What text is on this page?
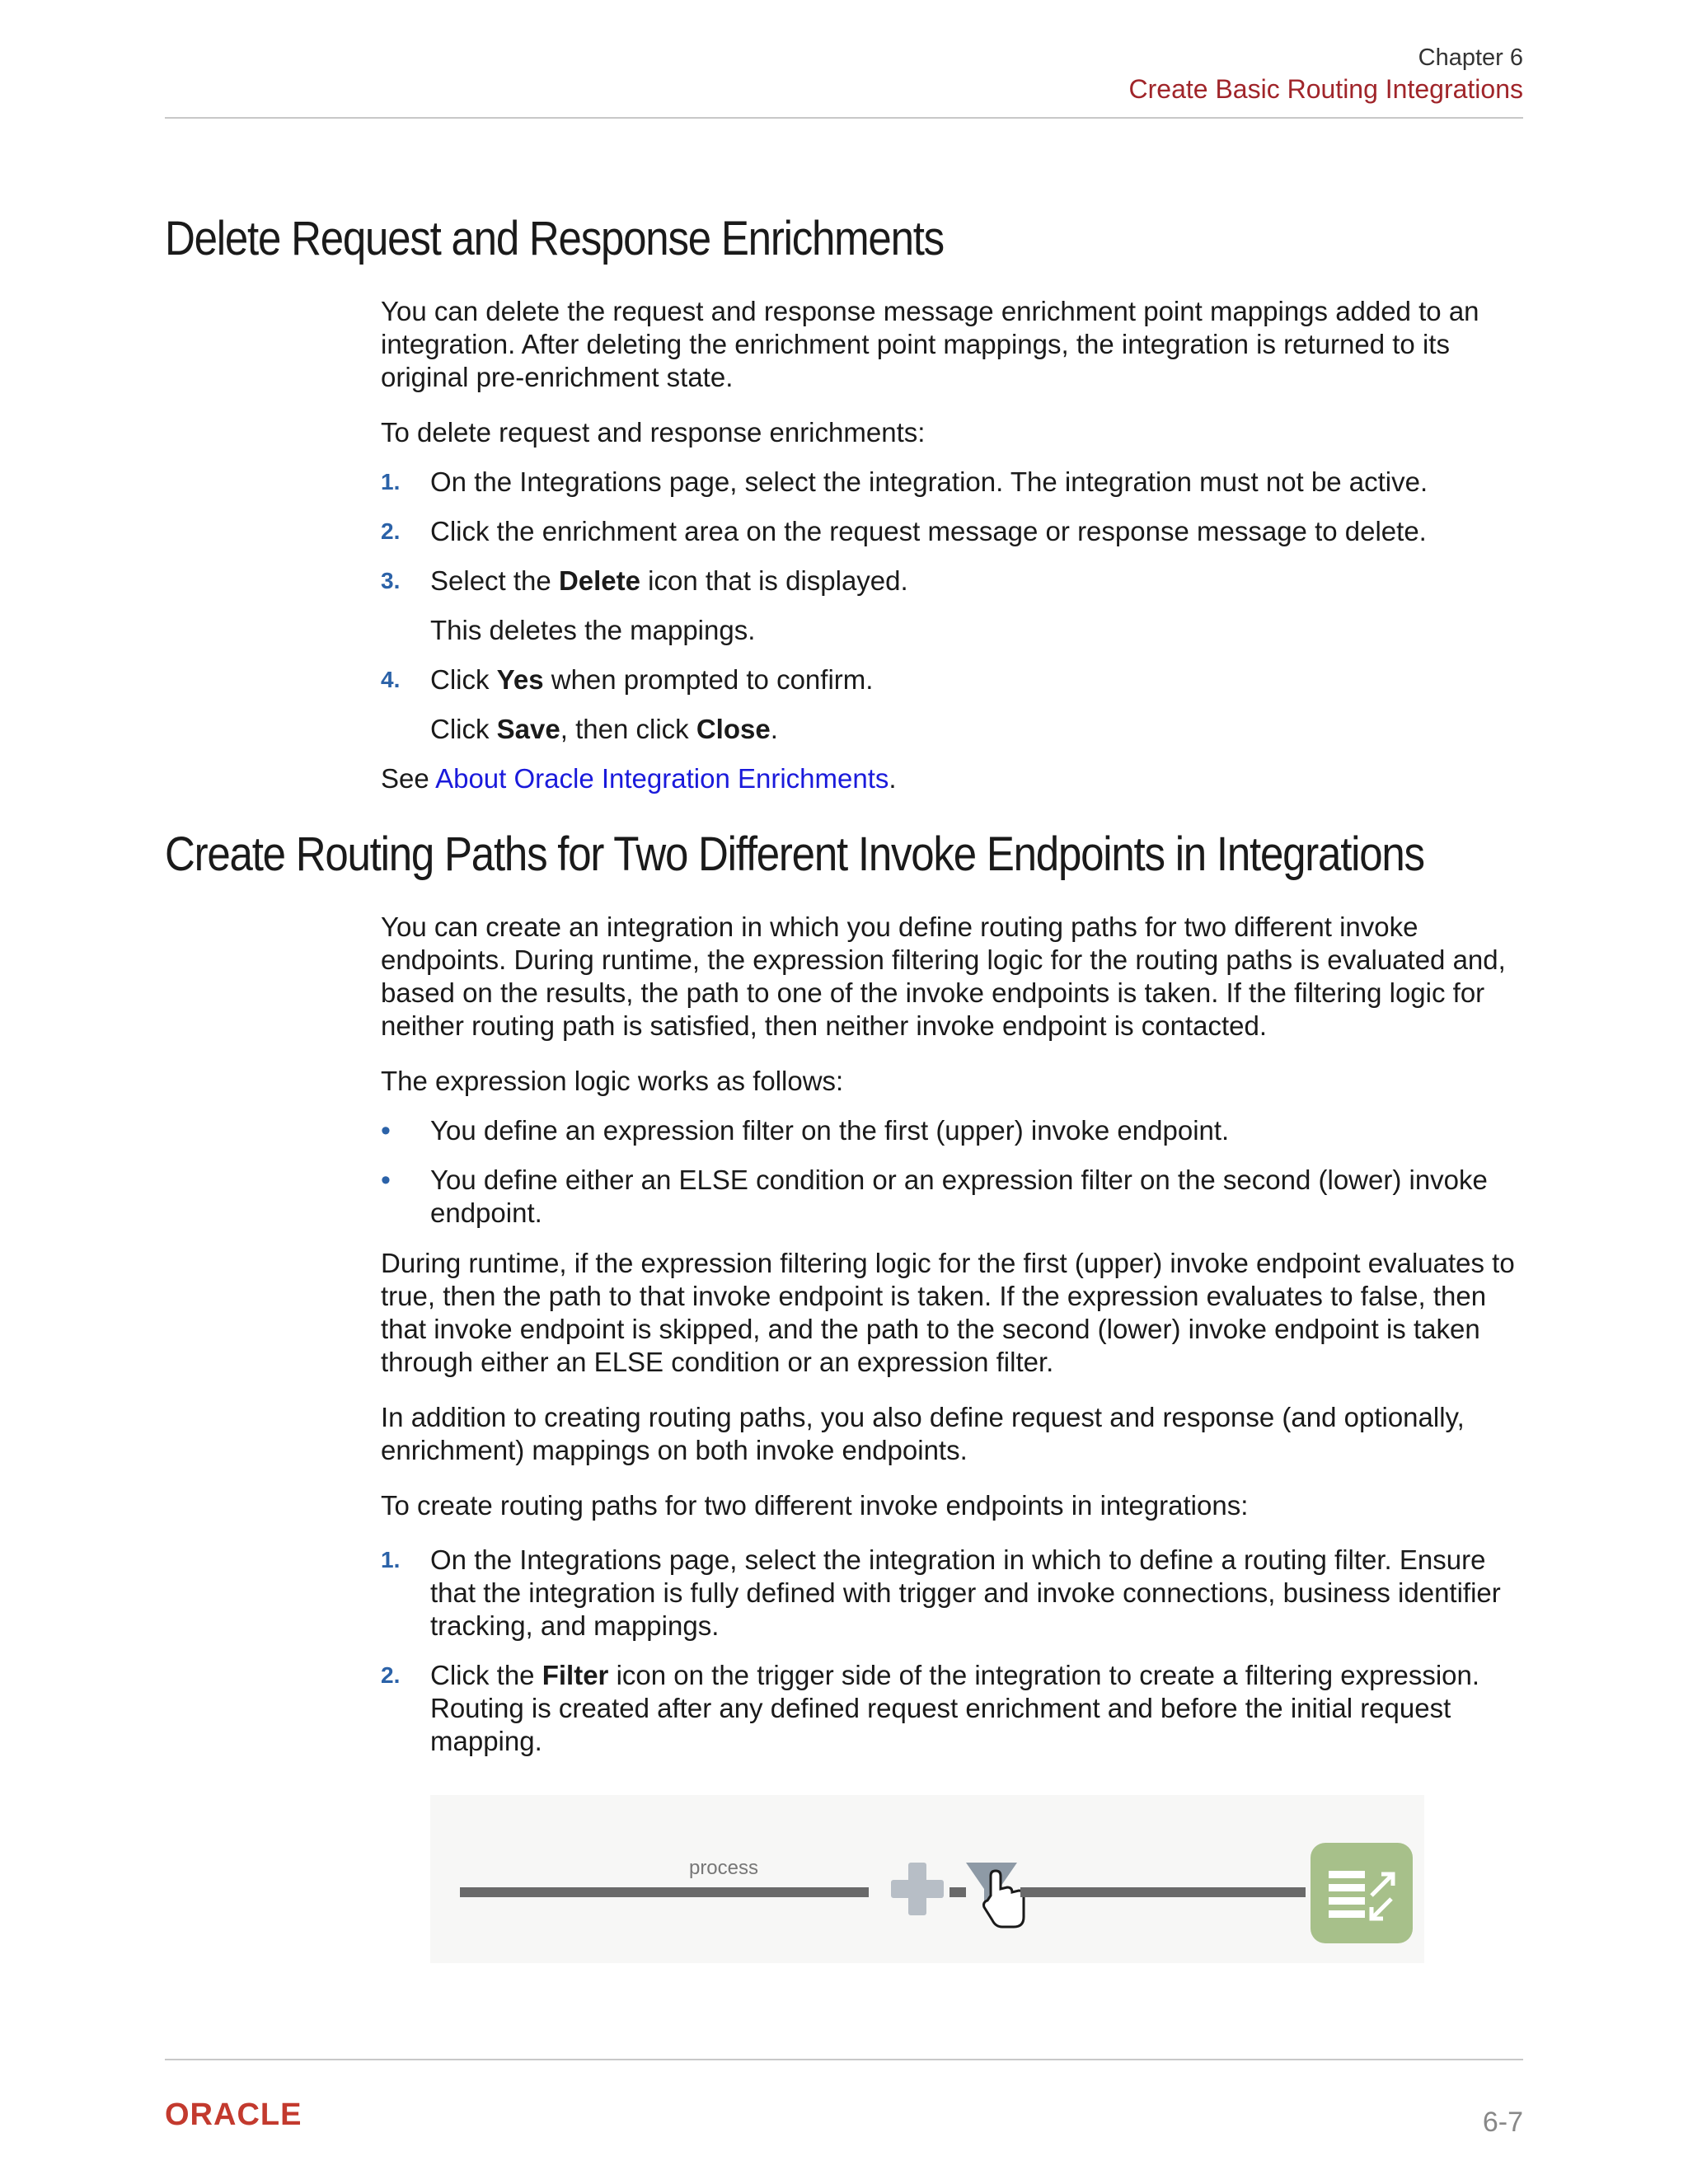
Chapter 6
Create Basic Routing Integrations
Delete Request and Response Enrichments

You can delete the request and response message enrichment point mappings added to an integration. After deleting the enrichment point mappings, the integration is returned to its original pre-enrichment state.

To delete request and response enrichments:

1. On the Integrations page, select the integration. The integration must not be active.
2. Click the enrichment area on the request message or response message to delete.
3. Select the Delete icon that is displayed.
This deletes the mappings.
4. Click Yes when prompted to confirm.
Click Save, then click Close.

See About Oracle Integration Enrichments.

Create Routing Paths for Two Different Invoke Endpoints in Integrations

You can create an integration in which you define routing paths for two different invoke endpoints. During runtime, the expression filtering logic for the routing paths is evaluated and, based on the results, the path to one of the invoke endpoints is taken. If the filtering logic for neither routing path is satisfied, then neither invoke endpoint is contacted.

The expression logic works as follows:

• You define an expression filter on the first (upper) invoke endpoint.
• You define either an ELSE condition or an expression filter on the second (lower) invoke endpoint.

During runtime, if the expression filtering logic for the first (upper) invoke endpoint evaluates to true, then the path to that invoke endpoint is taken. If the expression evaluates to false, then that invoke endpoint is skipped, and the path to the second (lower) invoke endpoint is taken through either an ELSE condition or an expression filter.

In addition to creating routing paths, you also define request and response (and optionally, enrichment) mappings on both invoke endpoints.

To create routing paths for two different invoke endpoints in integrations:

1. On the Integrations page, select the integration in which to define a routing filter. Ensure that the integration is fully defined with trigger and invoke connections, business identifier tracking, and mappings.
2. Click the Filter icon on the trigger side of the integration to create a filtering expression. Routing is created after any defined request enrichment and before the initial request mapping.
process
ORACLE	6-7
